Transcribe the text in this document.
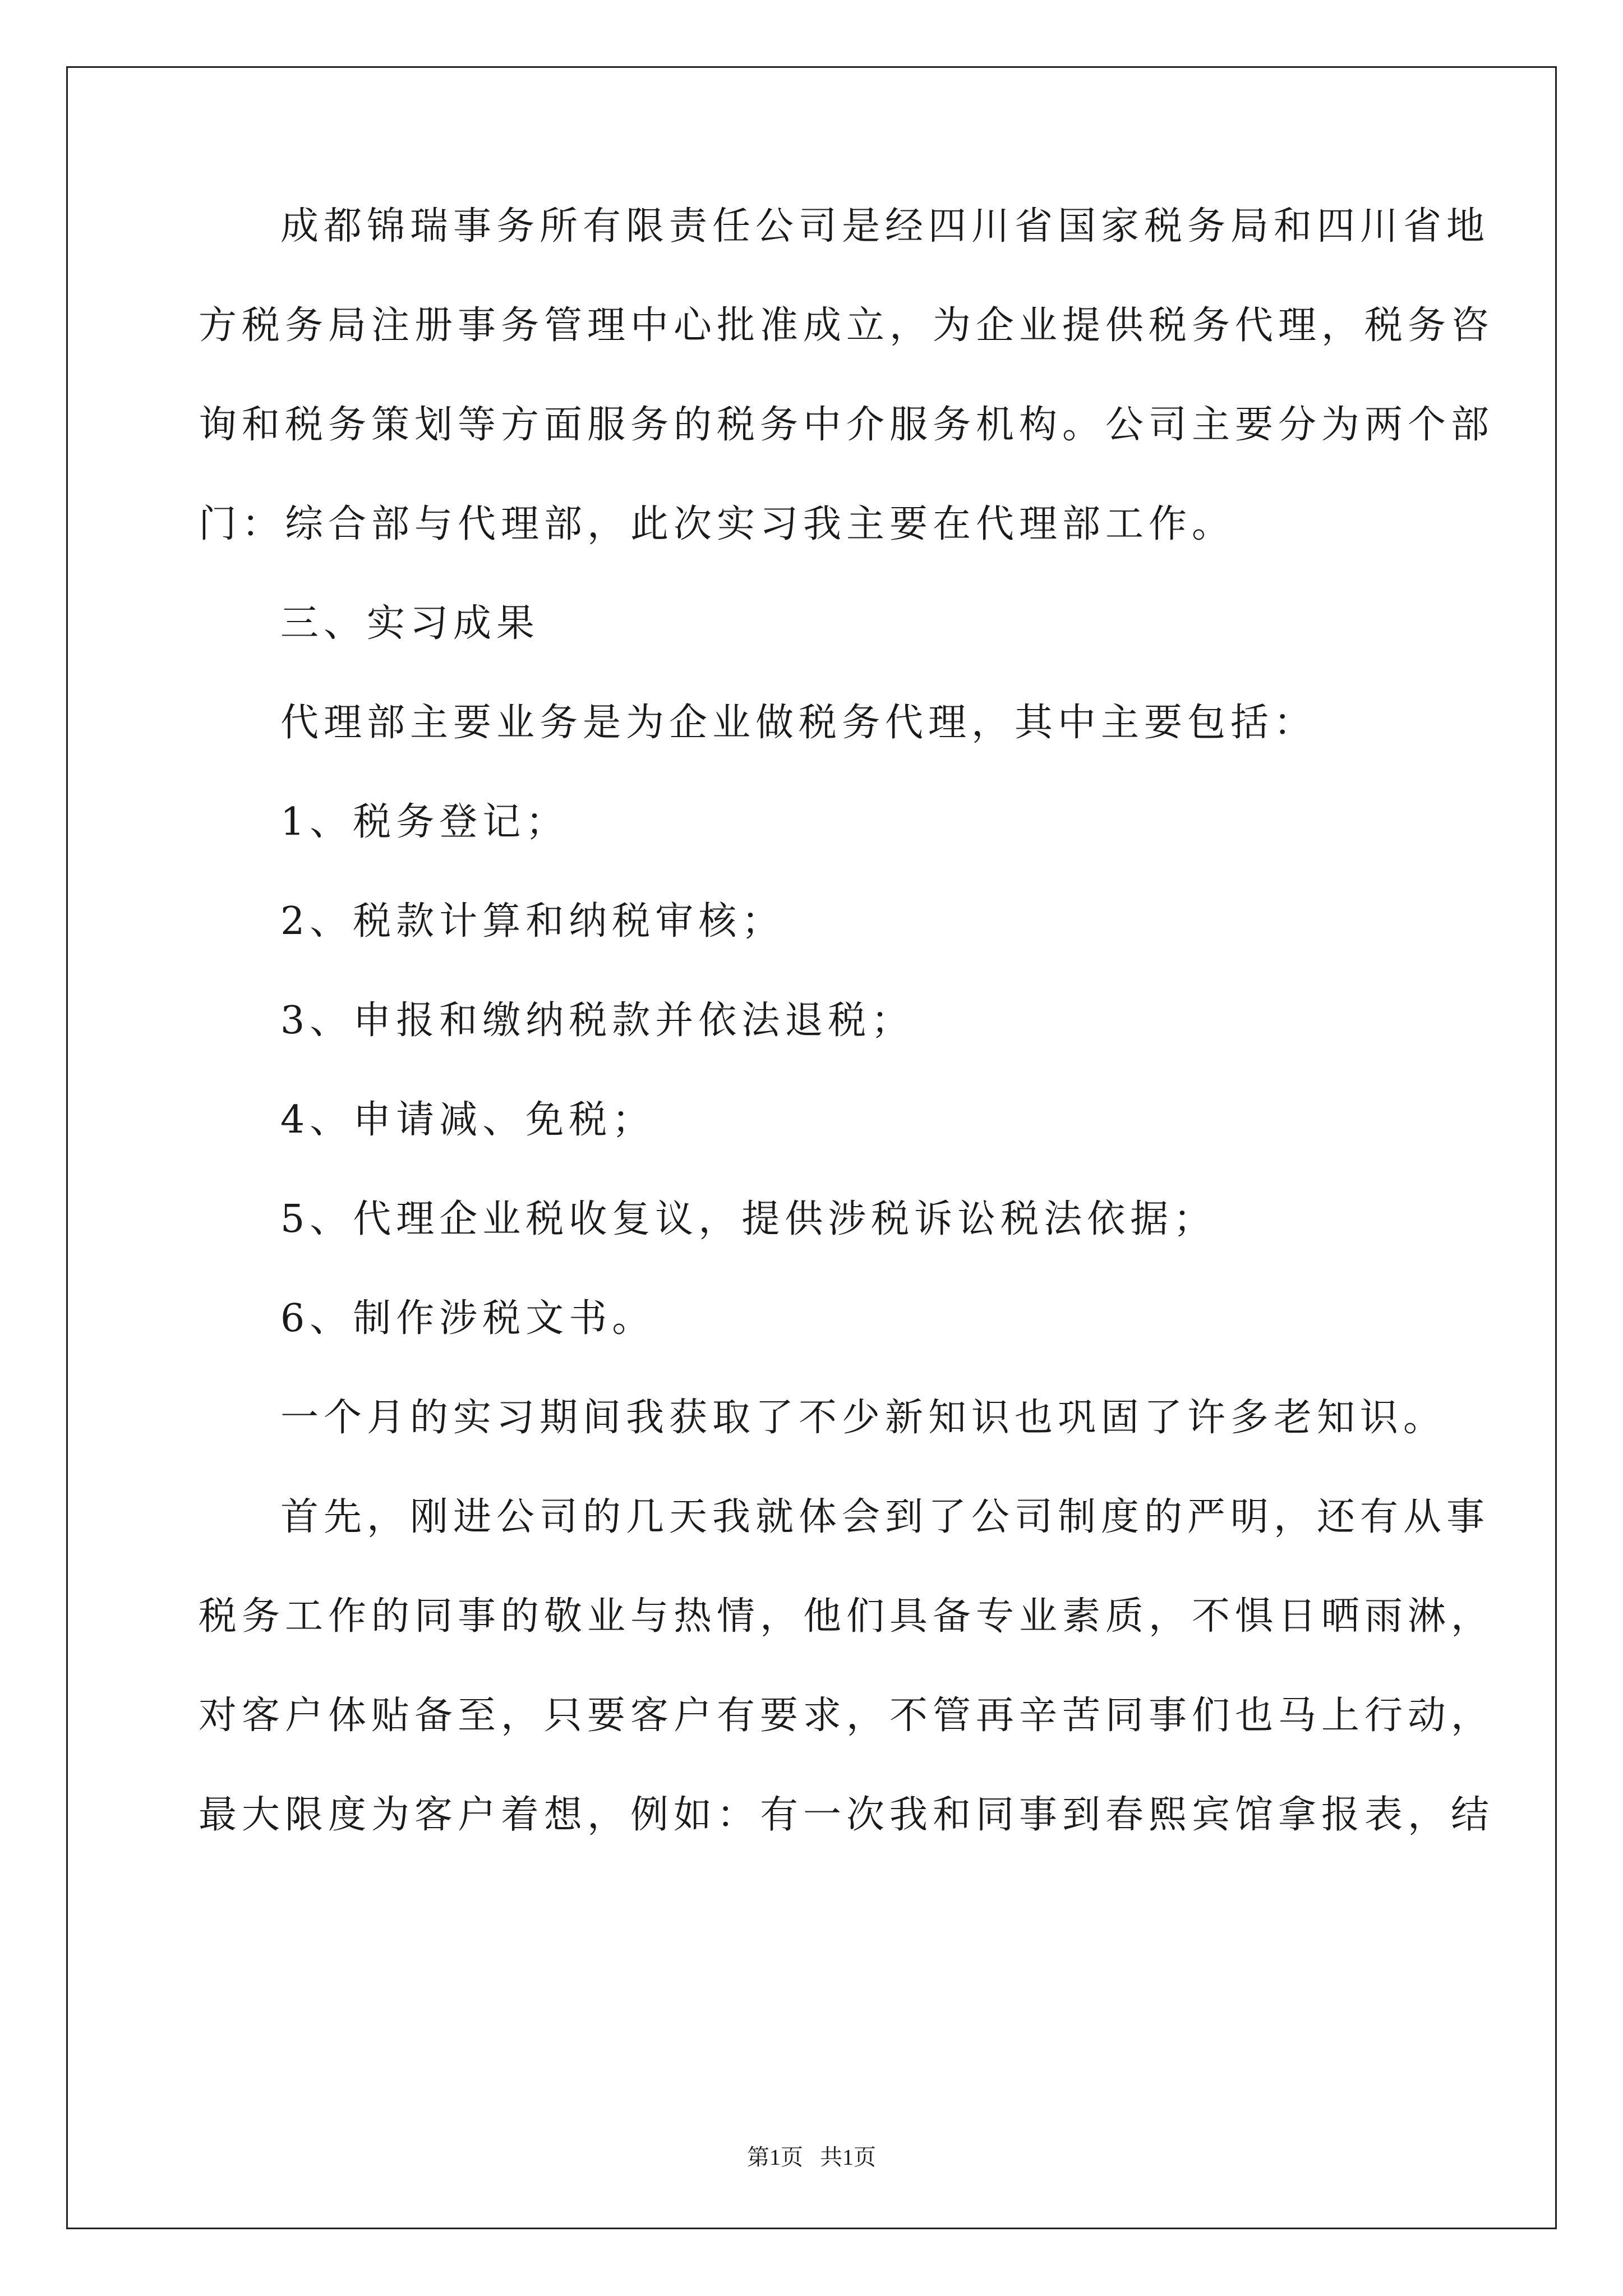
成都锦瑞事务所有限责任公司是经四川省国家税务局和四川省地
方税务局注册事务管理中心批准成立，为企业提供税务代理，税务咨
询和税务策划等方面服务的税务中介服务机构。公司主要分为两个部
门：综合部与代理部，此次实习我主要在代理部工作。
三、实习成果
代理部主要业务是为企业做税务代理，其中主要包括：
1、税务登记；
2、税款计算和纳税审核；
3、申报和缴纳税款并依法退税；
4、申请减、免税；
5、代理企业税收复议，提供涉税诉讼税法依据；
6、制作涉税文书。
一个月的实习期间我获取了不少新知识也巩固了许多老知识。
首先，刚进公司的几天我就体会到了公司制度的严明，还有从事
税务工作的同事的敬业与热情，他们具备专业素质，不惧日晒雨淋，
对客户体贴备至，只要客户有要求，不管再辛苦同事们也马上行动，
最大限度为客户着想，例如：有一次我和同事到春熙宾馆拿报表，结
第1页 共1页
